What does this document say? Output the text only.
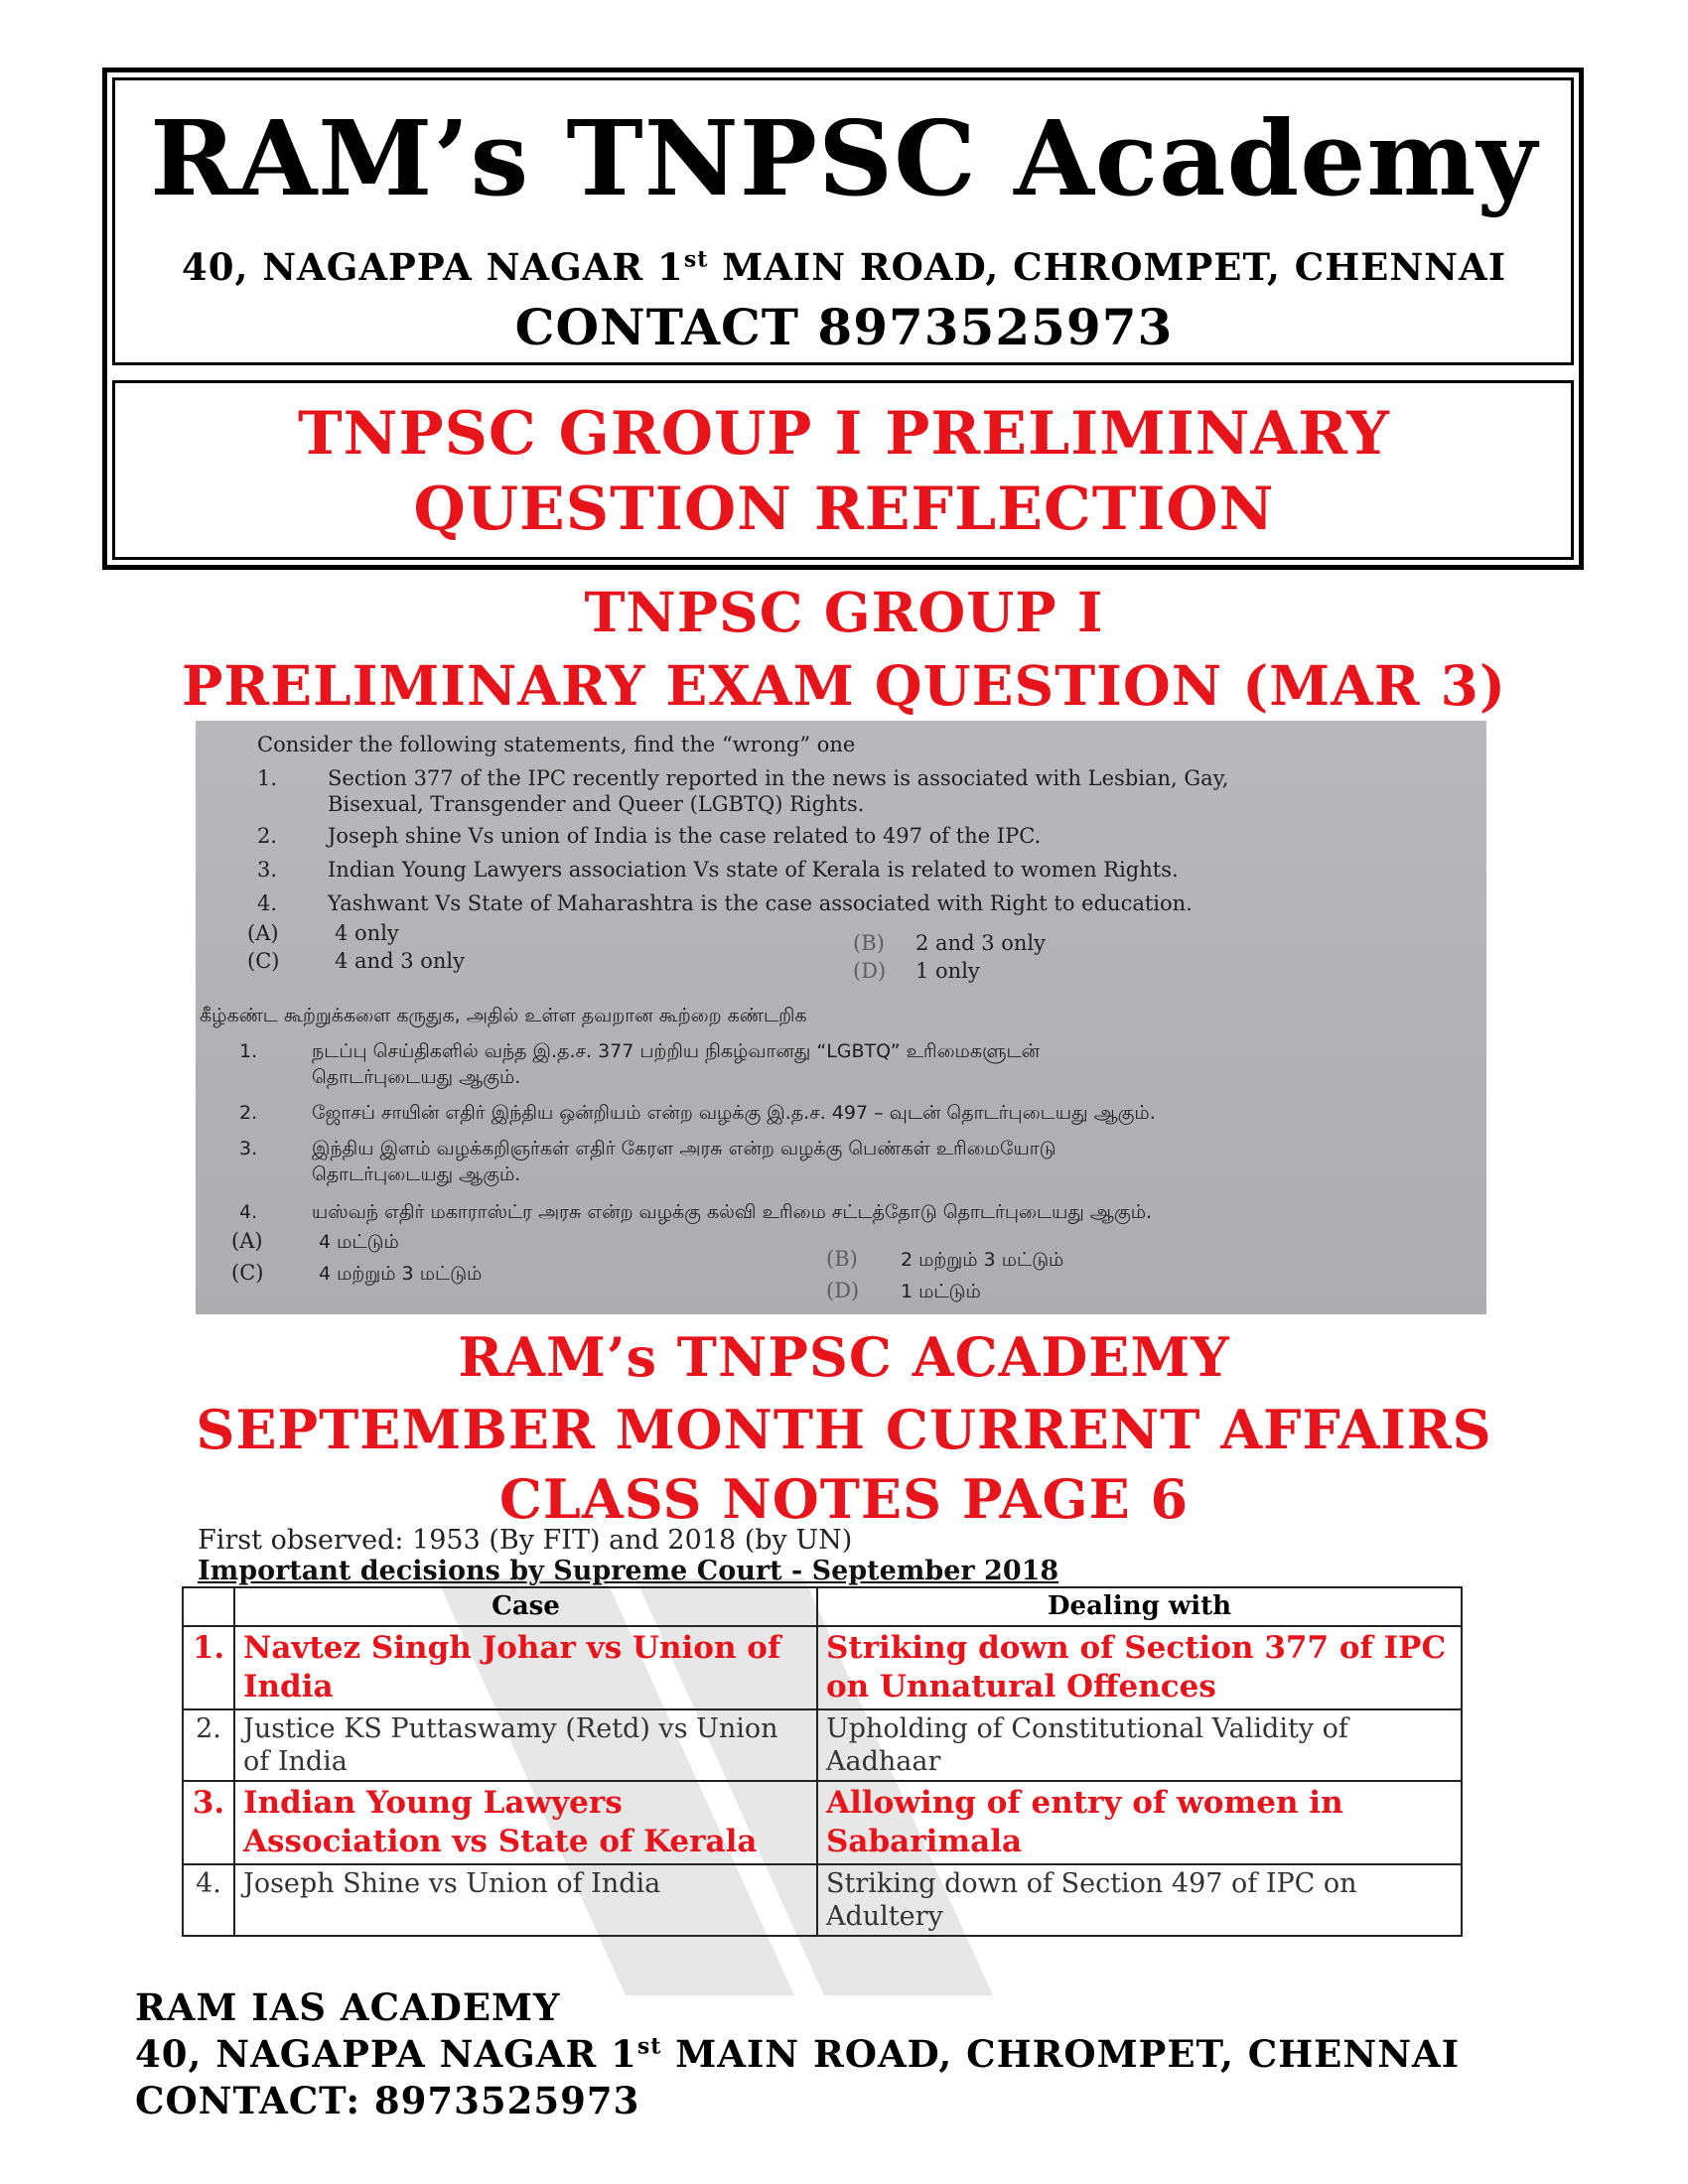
RAM’s TNPSC Academy
40, NAGAPPA NAGAR 1st MAIN ROAD, CHROMPET, CHENNAI
CONTACT 8973525973
TNPSC GROUP I PRELIMINARY
QUESTION REFLECTION
TNPSC GROUP I
PRELIMINARY EXAM QUESTION (MAR 3)
Consider the following statements, find the “wrong” one
1. Section 377 of the IPC recently reported in the news is associated with Lesbian, Gay,
Bisexual, Transgender and Queer (LGBTQ) Rights.
2. Joseph shine Vs union of India is the case related to 497 of the IPC.
3. Indian Young Lawyers association Vs state of Kerala is related to women Rights.
4. Yashwant Vs State of Maharashtra is the case associated with Right to education.
(A)	4 only	(B) 2 and 3 only
(C)	4 and 3 only	(D) 1 only
கீழ்கண்ட கூற்றுக்களை கருதுக, அதில் உள்ள தவறான கூற்றை கண்டறிக
1.	நடப்பு செய்திகளில் வந்த இ.த.ச. 377 பற்றிய நிகழ்வானது “LGBTQ” உரிமைகளுடன்
தொடர்புடையது ஆகும்.
2.	ஜோசப் சாயின் எதிர் இந்திய ஒன்றியம் என்ற வழக்கு இ.த.ச. 497 – வுடன் தொடர்புடையது ஆகும்.
3.	இந்திய இளம் வழக்கறிஞர்கள் எதிர் கேரள அரசு என்ற வழக்கு பெண்கள் உரிமையோடு
தொடர்புடையது ஆகும்.
4.	யஸ்வந் எதிர் மகாராஸ்ட்ர அரசு என்ற வழக்கு கல்வி உரிமை சட்டத்தோடு தொடர்புடையது ஆகும்.
(A)	4 மட்டும்
(B) 2 மற்றும் 3 மட்டும்
(C)	4 மற்றும் 3 மட்டும்
(D) 1 மட்டும்
RAM’s TNPSC ACADEMY
SEPTEMBER MONTH CURRENT AFFAIRS
CLASS NOTES PAGE 6
First observed: 1953 (By FIT) and 2018 (by UN)
Important decisions by Supreme Court - September 2018
	Case	Dealing with
1.	Navtez Singh Johar vs Union of India	Striking down of Section 377 of IPC on Unnatural Offences
2.	Justice KS Puttaswamy (Retd) vs Union of India	Upholding of Constitutional Validity of Aadhaar
3.	Indian Young Lawyers Association vs State of Kerala	Allowing of entry of women in Sabarimala
4.	Joseph Shine vs Union of India	Striking down of Section 497 of IPC on Adultery
RAM IAS ACADEMY
40, NAGAPPA NAGAR 1st MAIN ROAD, CHROMPET, CHENNAI
CONTACT: 8973525973
